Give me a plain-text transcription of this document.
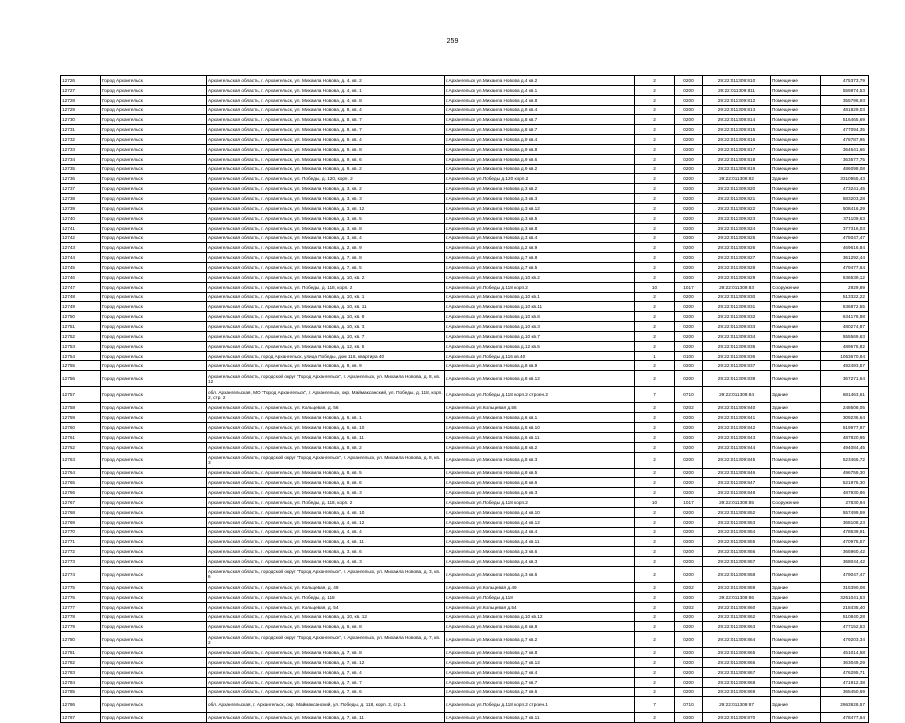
259
12726	Город Архангельск	Архангельская область, г. Архангельск, ул. Михаила Новова, д. 4, кв. 2	г.Архангельск ул.Михаила Новова д.4 кв.2	2	0200	29:22:011309:810	Помещение	475373,79
12727	Город Архангельск	Архангельская область, г. Архангельск, ул. Михаила Новова, д. 4, кв. 1	г.Архангельск ул.Михаила Новова д.4 кв.1	2	0200	29:22:011309:811	Помещение	559874,53
12728	Город Архангельск	Архангельская область, г. Архангельск, ул. Михаила Новова, д. 4, кв. 8	г.Архангельск ул.Михаила Новова д.4 кв.8	2	0200	29:22:011309:812	Помещение	355796,93
12729	Город Архангельск	Архангельская область, г. Архангельск, ул. Михаила Новова, д. 8, кв. 4	г.Архангельск ул.Михаила Новова д.8 кв.4	2	0200	29:22:011309:813	Помещение	481829,03
12730	Город Архангельск	Архангельская область, г. Архангельск, ул. Михаила Новова, д. 8, кв. 7	г.Архангельск ул.Михаила Новова д.8 кв.7	2	0200	29:22:011309:814	Помещение	516465,69
12731	Город Архангельск	Архангельская область, г. Архангельск, ул. Михаила Новова, д. 8, кв. 7	г.Архангельск ул.Михаила Новова д.8 кв.7	2	0200	29:22:011309:815	Помещение	477094,35
12732	Город Архангельск	Архангельская область, г. Архангельск, ул. Михаила Новова, д. 9, кв. 4	г.Архангельск ул.Михаила Новова д.9 кв.4	2	0200	29:22:011309:816	Помещение	478787,95
12733	Город Архангельск	Архангельская область, г. Архангельск, ул. Михаила Новова, д. 9, кв. 8	г.Архангельск ул.Михаила Новова д.9 кв.8	2	0200	29:22:011309:817	Помещение	364641,66
12734	Город Архангельск	Архангельская область, г. Архангельск, ул. Михаила Новова, д. 9, кв. 6	г.Архангельск ул.Михаила Новова д.9 кв.6	2	0200	29:22:011309:818	Помещение	363577,75
12735	Город Архангельск	Архангельская область, г. Архангельск, ул. Михаила Новова, д. 9, кв. 2	г.Архангельск ул.Михаила Новова д.9 кв.2	2	0200	29:22:011309:819	Помещение	486098,08
12736	Город Архангельск	Архангельская область, г. Архангельск, ул. Победы, д. 120, корп. 2	г.Архангельск ул.Победы д.120 корп.2	2	0200	29:22:011309:82	Здание	3310955,43
12737	Город Архангельск	Архангельская область, г. Архангельск, ул. Михаила Новова, д. 3, кв. 2	г.Архангельск ул.Михаила Новова д.3 кв.2	2	0200	29:22:011309:820	Помещение	473241,45
12738	Город Архангельск	Архангельская область, г. Архангельск, ул. Михаила Новова, д. 3, кв. 3	г.Архангельск ул.Михаила Новова д.3 кв.3	2	0200	29:22:011309:821	Помещение	583203,28
12739	Город Архангельск	Архангельская область, г. Архангельск, ул. Михаила Новова, д. 3, кв. 12	г.Архангельск ул.Михаила Новова д.3 кв.12	2	0200	29:22:011309:822	Помещение	508416,29
12740	Город Архангельск	Архангельская область, г. Архангельск, ул. Михаила Новова, д. 3, кв. 5	г.Архангельск ул.Михаила Новова д.3 кв.5	2	0200	29:22:011309:823	Помещение	371109,63
12741	Город Архангельск	Архангельская область, г. Архангельск, ул. Михаила Новова, д. 3, кв. 8	г.Архангельск ул.Михаила Новова д.3 кв.8	2	0200	29:22:011309:824	Помещение	377316,03
12742	Город Архангельск	Архангельская область, г. Архангельск, ул. Михаила Новова, д. 3, кв. 4	г.Архангельск ул.Михаила Новова д.3 кв.4	2	0200	29:22:011309:825	Помещение	475047,47
12743	Город Архангельск	Архангельская область, г. Архангельск, ул. Михаила Новова, д. 2, кв. 9	г.Архангельск ул.Михаила Новова д.2 кв.9	2	0200	29:22:011309:826	Помещение	469616,84
12744	Город Архангельск	Архангельская область, г. Архангельск, ул. Михаила Новова, д. 7, кв. 8	г.Архангельск ул.Михаила Новова д.7 кв.8	2	0200	29:22:011309:827	Помещение	361292,44
12745	Город Архангельск	Архангельская область, г. Архангельск, ул. Михаила Новова, д. 7, кв. 5	г.Архангельск ул.Михаила Новова д.7 кв.5	2	0200	29:22:011309:828	Помещение	479477,64
12746	Город Архангельск	Архангельская область, г. Архангельск, ул. Михаила Новова, д. 10, кв. 2	г.Архангельск ул.Михаила Новова д.10 кв.2	2	0200	29:22:011309:829	Помещение	536539,12
12747	Город Архангельск	Архангельская область, г. Архангельск, ул. Победы, д. 118, корп. 2	г.Архангельск ул.Победы д.118 корп.2	10	1017	29:22:011309:83	Сооружение	2929,89
12748	Город Архангельск	Архангельская область, г. Архангельск, ул. Михаила Новова, д. 10, кв. 1	г.Архангельск ул.Михаила Новова д.10 кв.1	2	0200	29:22:011309:830	Помещение	513322,22
12749	Город Архангельск	Архангельская область, г. Архангельск, ул. Михаила Новова, д. 10, кв. 11	г.Архангельск ул.Михаила Новова д.10 кв.11	2	0200	29:22:011309:831	Помещение	536872,55
12750	Город Архангельск	Архангельская область, г. Архангельск, ул. Михаила Новова, д. 10, кв. 8	г.Архангельск ул.Михаила Новова д.10 кв.8	2	0200	29:22:011309:832	Помещение	634178,98
12751	Город Архангельск	Архангельская область, г. Архангельск, ул. Михаила Новова, д. 10, кв. 3	г.Архангельск ул.Михаила Новова д.10 кв.3	2	0200	29:22:011309:833	Помещение	480274,87
12752	Город Архангельск	Архангельская область, г. Архангельск, ул. Михаила Новова, д. 10, кв. 7	г.Архангельск ул.Михаила Новова д.10 кв.7	2	0200	29:22:011309:834	Помещение	555569,63
12753	Город Архангельск	Архангельская область, г. Архангельск, ул. Михаила Новова, д. 12, кв. 5	г.Архангельск ул.Михаила Новова д.12 кв.5	2	0200	29:22:011309:835	Помещение	489675,82
12754	Город Архангельск	Архангельская область, город Архангельск, улица Победы, дом 116, квартира 40	г.Архангельск ул.Победы д.116 кв.40	1	0100	29:22:011309:836	Помещение	1063670,94
12755	Город Архангельск	Архангельская область, г. Архангельск, ул. Михаила Новова, д. 8, кв. 9	г.Архангельск ул.Михаила Новова д.8 кв.9	2	0200	29:22:011309:837	Помещение	492493,57
12756	Город Архангельск	Архангельская область, городской округ "Город Архангельск", г. Архангельск, ул. Михаила Новова, д. 8, кв. 12	г.Архангельск ул.Михаила Новова д.8 кв.12	2	0200	29:22:011309:839	Помещение	367271,64
12757	Город Архангельск	обл. Архангельская, МО "Город Архангельск", г. Архангельск, окр. Маймаксанский, ул. Победы, д. 118, корп. 2, стр. 2	г.Архангельск ул.Победы д.118 корп.2 строен.2	7	0710	29:22:011309:84	Здание	681463,61
12758	Город Архангельск	Архангельская область, г. Архангельск, ул. Кольцевая, д. 56	г.Архангельск ул.Кольцевая д.56	2	0202	29:22:011309:840	Здание	248608,05
12759	Город Архангельск	Архангельская область, г. Архангельск, ул. Михаила Новова, д. 6, кв. 1	г.Архангельск ул.Михаила Новова д.6 кв.1	2	0200	29:22:011309:841	Помещение	309236,64
12760	Город Архангельск	Архангельская область, г. Архангельск, ул. Михаила Новова, д. 6, кв. 10	г.Архангельск ул.Михаила Новова д.6 кв.10	2	0200	29:22:011309:842	Помещение	519977,97
12761	Город Архангельск	Архангельская область, г. Архангельск, ул. Михаила Новова, д. 6, кв. 11	г.Архангельск ул.Михаила Новова д.6 кв.11	2	0200	29:22:011309:843	Помещение	487920,95
12762	Город Архангельск	Архангельская область, г. Архангельск, ул. Михаила Новова, д. 8, кв. 2	г.Архангельск ул.Михаила Новова д.8 кв.2	2	0200	29:22:011309:844	Помещение	494084,45
12763	Город Архангельск	Архангельская область, городской округ "Город Архангельск", г. Архангельск, ул. Михаила Новова, д. 8, кв. 3	г.Архангельск ул.Михаила Новова д.8 кв.3	2	0200	29:22:011309:845	Помещение	523466,72
12764	Город Архангельск	Архангельская область, г. Архангельск, ул. Михаила Новова, д. 8, кв. 5	г.Архангельск ул.Михаила Новова д.8 кв.5	2	0200	29:22:011309:846	Помещение	496759,30
12765	Город Архангельск	Архангельская область, г. Архангельск, ул. Михаила Новова, д. 8, кв. 6	г.Архангельск ул.Михаила Новова д.8 кв.6	2	0200	29:22:011309:847	Помещение	521975,30
12766	Город Архангельск	Архангельская область, г. Архангельск, ул. Михаила Новова, д. 6, кв. 3	г.Архангельск ул.Михаила Новова д.6 кв.3	2	0200	29:22:011309:848	Помещение	487930,86
12767	Город Архангельск	Архангельская область, г. Архангельск, ул. Победы, д. 118, корп. 2	г.Архангельск ул.Победы д.118 корп.2	10	1017	29:22:011309:85	Сооружение	27830,94
12768	Город Архангельск	Архангельская область, г. Архангельск, ул. Михаила Новова, д. 4, кв. 10	г.Архангельск ул.Михаила Новова д.4 кв.10	2	0200	29:22:011309:852	Помещение	557499,59
12769	Город Архангельск	Архангельская область, г. Архангельск, ул. Михаила Новова, д. 4, кв. 12	г.Архангельск ул.Михаила Новова д.4 кв.12	2	0200	29:22:011309:853	Помещение	368108,23
12770	Город Архангельск	Архангельская область, г. Архангельск, ул. Михаила Новова, д. 4, кв. 4	г.Архангельск ул.Михаила Новова д.4 кв.4	2	0200	29:22:011309:854	Помещение	478639,91
12771	Город Архангельск	Архангельская область, г. Архангельск, ул. Михаила Новова, д. 4, кв. 11	г.Архангельск ул.Михаила Новова д.4 кв.11	2	0200	29:22:011309:855	Помещение	470975,57
12772	Город Архангельск	Архангельская область, г. Архангельск, ул. Михаила Новова, д. 3, кв. 6	г.Архангельск ул.Михаила Новова д.3 кв.6	2	0200	29:22:011309:856	Помещение	365960,42
12773	Город Архангельск	Архангельская область, г. Архангельск, ул. Михаила Новова, д. 4, кв. 3	г.Архангельск ул.Михаила Новова д.4 кв.3	2	0200	29:22:011309:857	Помещение	368044,42
12774	Город Архангельск	Архангельская область, городской округ "Город Архангельск", г. Архангельск, ул. Михаила Новова, д. 3, кв. 6	г.Архангельск ул.Михаила Новова д.3 кв.6	2	0200	29:22:011309:858	Помещение	479047,47
12775	Город Архангельск	Архангельская область, г. Архангельск, ул. Кольцевая, д. 49	г.Архангельск ул.Кольцевая д.49	2	0202	29:22:011309:859	Здание	315390,08
12776	Город Архангельск	Архангельская область, г. Архангельск, ул. Победы, д. 118	г.Архангельск ул.Победы д.118	2	0200	29:22:011309:86	Здание	3261041,53
12777	Город Архангельск	Архангельская область, г. Архангельск, ул. Кольцевая, д. 54	г.Архангельск ул.Кольцевая д.54	2	0202	29:22:011309:860	Здание	218435,40
12778	Город Архангельск	Архангельская область, г. Архангельск, ул. Михаила Новова, д. 10, кв. 12	г.Архангельск ул.Михаила Новова д.10 кв.12	2	0200	29:22:011309:862	Помещение	510840,28
12779	Город Архангельск	Архангельская область, г. Архангельск, ул. Михаила Новова, д. 6, кв. 8	г.Архангельск ул.Михаила Новова д.6 кв.8	2	0200	29:22:011309:863	Помещение	477152,53
12780	Город Архангельск	Архангельская область, городской округ "Город Архангельск", г. Архангельск, ул. Михаила Новова, д. 7, кв. 2	г.Архангельск ул.Михаила Новова д.7 кв.2	2	0200	29:22:011309:864	Помещение	479203,34
12781	Город Архангельск	Архангельская область, г. Архангельск, ул. Михаила Новова, д. 7, кв. 8	г.Архангельск ул.Михаила Новова д.7 кв.8	2	0200	29:22:011309:865	Помещение	451014,58
12782	Город Архангельск	Архангельская область, г. Архангельск, ул. Михаила Новова, д. 7, кв. 12	г.Архангельск ул.Михаила Новова д.7 кв.12	2	0200	29:22:011309:866	Помещение	363049,29
12783	Город Архангельск	Архангельская область, г. Архангельск, ул. Михаила Новова, д. 7, кв. 4	г.Архангельск ул.Михаила Новова д.7 кв.4	2	0200	29:22:011309:867	Помещение	476295,71
12784	Город Архангельск	Архангельская область, г. Архангельск, ул. Михаила Новова, д. 7, кв. 7	г.Архангельск ул.Михаила Новова д.7 кв.7	2	0200	29:22:011309:868	Помещение	471912,38
12785	Город Архангельск	Архангельская область, г. Архангельск, ул. Михаила Новова, д. 7, кв. 6	г.Архангельск ул.Михаила Новова д.7 кв.6	2	0200	29:22:011309:869	Помещение	365450,69
12786	Город Архангельск	обл. Архангельская, г. Архангельск, окр. Маймаксанский, ул. Победы, д. 118, корп. 2, стр. 1	г.Архангельск ул.Победы д.118 корп.2 строен.1	7	0710	29:22:011309:87	Здание	2963928,57
12787	Город Архангельск	Архангельская область, г. Архангельск, ул. Михаила Новова, д. 7, кв. 11	г.Архангельск ул.Михаила Новова д.7 кв.11	2	0200	29:22:011309:870	Помещение	478477,64
